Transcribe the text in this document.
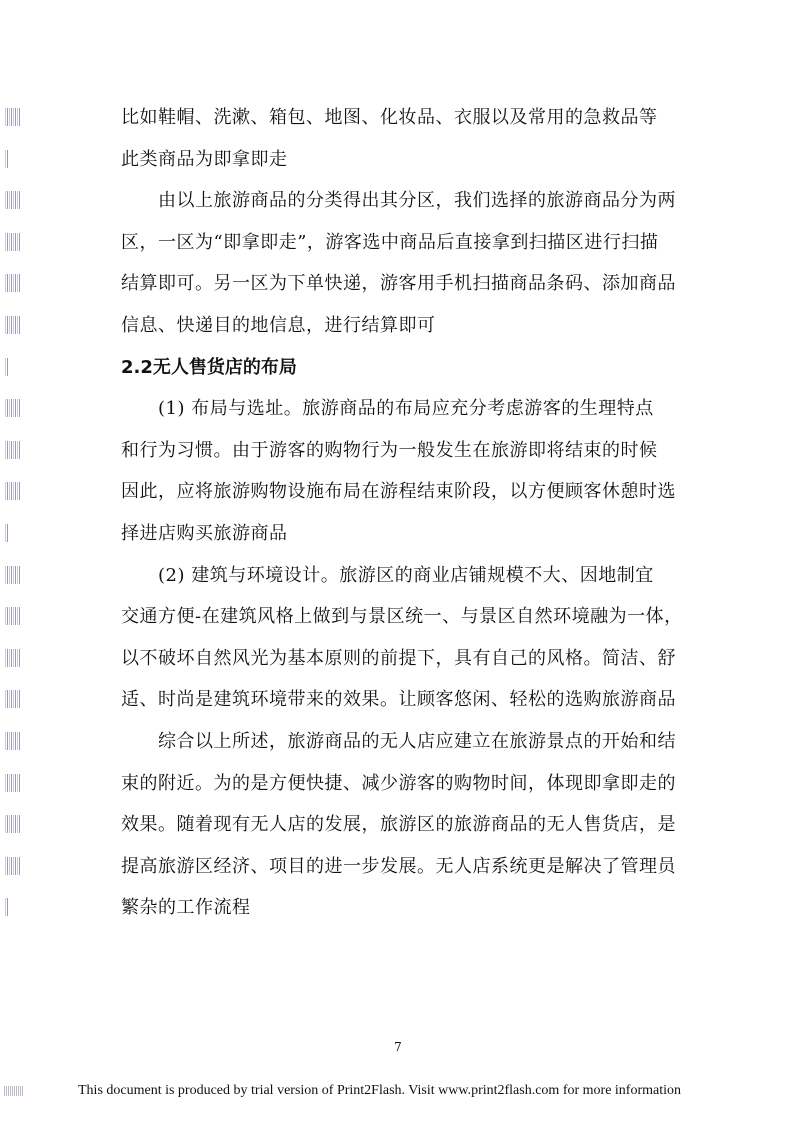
比如鞋帽、洗漱、箱包、地图、化妆品、衣服以及常用的急救品等
此类商品为即拿即走
由以上旅游商品的分类得出其分区，我们选择的旅游商品分为两
区，一区为“即拿即走”，游客选中商品后直接拿到扫描区进行扫描
结算即可。另一区为下单快递，游客用手机扫描商品条码、添加商品
信息、快递目的地信息，进行结算即可
2.2无人售货店的布局
(1) 布局与选址。旅游商品的布局应充分考虑游客的生理特点
和行为习惯。由于游客的购物行为一般发生在旅游即将结束的时候
因此，应将旅游购物设施布局在游程结束阶段，以方便顾客休憩时选
择进店购买旅游商品
(2) 建筑与环境设计。旅游区的商业店铺规模不大、因地制宜
交通方便-在建筑风格上做到与景区统一、与景区自然环境融为一体，
以不破坏自然风光为基本原则的前提下，具有自己的风格。简洁、舒
适、时尚是建筑环境带来的效果。让顾客悠闲、轻松的选购旅游商品
综合以上所述，旅游商品的无人店应建立在旅游景点的开始和结
束的附近。为的是方便快捷、减少游客的购物时间，体现即拿即走的
效果。随着现有无人店的发展，旅游区的旅游商品的无人售货店，是
提高旅游区经济、项目的进一步发展。无人店系统更是解决了管理员
繁杂的工作流程
7
This document is produced by trial version of Print2Flash. Visit www.print2flash.com for more information
